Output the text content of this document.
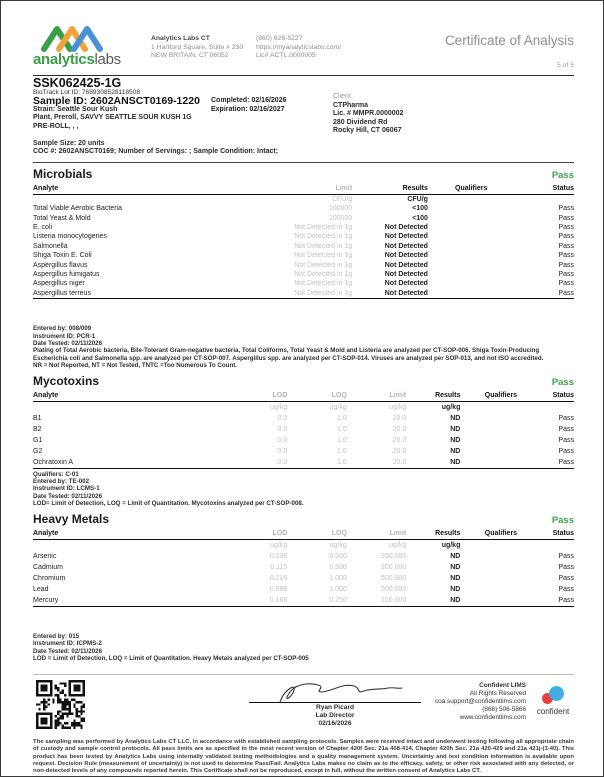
analyticslabs
Analytics Labs CT
1 Hartford Square, Suite # 230
NEW BRITAIN, CT 06052
(860) 925-5227
https://myanalyticslabs.com/
Lic# ACTL.0000005
Certificate of Analysis
5 of 5
SSK062425-1G
BioTrack Lot ID: 7689308528118508
Sample ID: 2602ANSCT0169-1220	Completed: 02/16/2026
Strain: Seattle Sour Kush
Plant, Preroll, SAVVY SEATTLE SOUR KUSH 1G
PRE-ROLL, , ,
Expiration: 02/16/2027
Client
CTPharma
Lic. # MMPR.0000002
280 Dividend Rd
Rocky Hill, CT 06067
Sample Size: 20 units
COC #: 2602ANSCT0169; Number of Servings: ; Sample Condition: Intact;
Microbials	Pass
Analyte	Limit	Results	Qualifiers	Status
	CFU/g	CFU/g		
Total Viable Aerobic Bacteria	100000	<100		Pass
Total Yeast & Mold	100000	<100		Pass
E. coli	Not Detected in 1g	Not Detected		Pass
Listeria monocytogenes	Not Detected in 1g	Not Detected		Pass
Salmonella	Not Detected in 1g	Not Detected		Pass
Shiga Toxin E. Coli	Not Detected in 1g	Not Detected		Pass
Aspergillus flavus	Not Detected in 1g	Not Detected		Pass
Aspergillus fumigatus	Not Detected in 1g	Not Detected		Pass
Aspergillus niger	Not Detected in 1g	Not Detected		Pass
Aspergillus terreus	Not Detected in 1g	Not Detected		Pass
Entered by: 008/009
Instrument ID: PCR-1
Date Tested: 02/11/2026
Plating of Total Aerobic bacteria, Bile-Tolerant Gram-negative bacteria, Total Coliforms, Total Yeast & Mold and Listeria are analyzed per CT-SOP-006. Shiga Toxin-Producing Escherichia coli and Salmonella spp. are analyzed per CT-SOP-007. Aspergillus spp. are analyzed per CT-SOP-014. Viruses are analyzed per SOP-013, and not ISO accredited.
NR = Not Reported, NT = Not Tested, TNTC =Too Numerous To Count.
Mycotoxins	Pass
Analyte	LOD	LOQ	Limit	Results	Qualifiers	Status
	ug/kg	ug/kg	ug/kg	ug/kg		
B1	0.0	1.0	20.0	ND		Pass
B2	0.0	1.0	20.0	ND		Pass
G1	0.0	1.0	20.0	ND		Pass
G2	0.0	1.0	20.0	ND		Pass
Ochratoxin A	0.0	1.0	20.0	ND		Pass
Qualifiers: C-01
Entered by: TE-002
Instrument ID: LCMS-1
Date Tested: 02/11/2026
LOD= Limit of Detection, LOQ = Limit of Quantitation. Mycotoxins analyzed per CT-SOP-008.
Heavy Metals	Pass
Analyte	LOD	LOQ	Limit	Results	Qualifiers	Status
	ug/kg	ug/kg	ug/kg	ug/kg		
Arsenic	0.236	0.500	200.000	ND		Pass
Cadmium	0.115	0.500	200.000	ND		Pass
Chromium	0.216	1.000	600.000	ND		Pass
Lead	0.088	1.000	500.000	ND		Pass
Mercury	0.188	0.250	100.000	ND		Pass
Entered by: 015
Instrument ID: ICPMS-2
Date Tested: 02/11/2026
LOD = Limit of Detection, LOQ = Limit of Quantitation. Heavy Metals analyzed per CT-SOP-005
Ryan Picard
Lab Director
02/16/2026
Confident LIMS
All Rights Reserved
coa.support@confidentlims.com
(866) 506-5866
www.confidentlims.com
confident

The sampling was performed by Analytics Labs CT LLC, in accordance with established sampling protocols. Samples were received intact and underwent testing following all appropriate chain of custody and sample control protocols. All pass limits are as specified in the most recent version of Chapter 420f Sec. 21a 408-414, Chapter 420h Sec. 21a 420-429 and 21a 421j-(1-40). This product has been tested by Analytics Labs using internally validated testing methodologies and a quality management system. Uncertainty and test condition information is available upon request. Decision Rule (measurement of uncertainty) is not used to determine Pass/Fail. Analytics Labs makes no claim as to the efficacy, safety, or other risk associated with any detected, or non-detected levels of any compounds reported herein. This Certificate shall not be reproduced, except in full, without the written consent of Analytics Labs CT.
